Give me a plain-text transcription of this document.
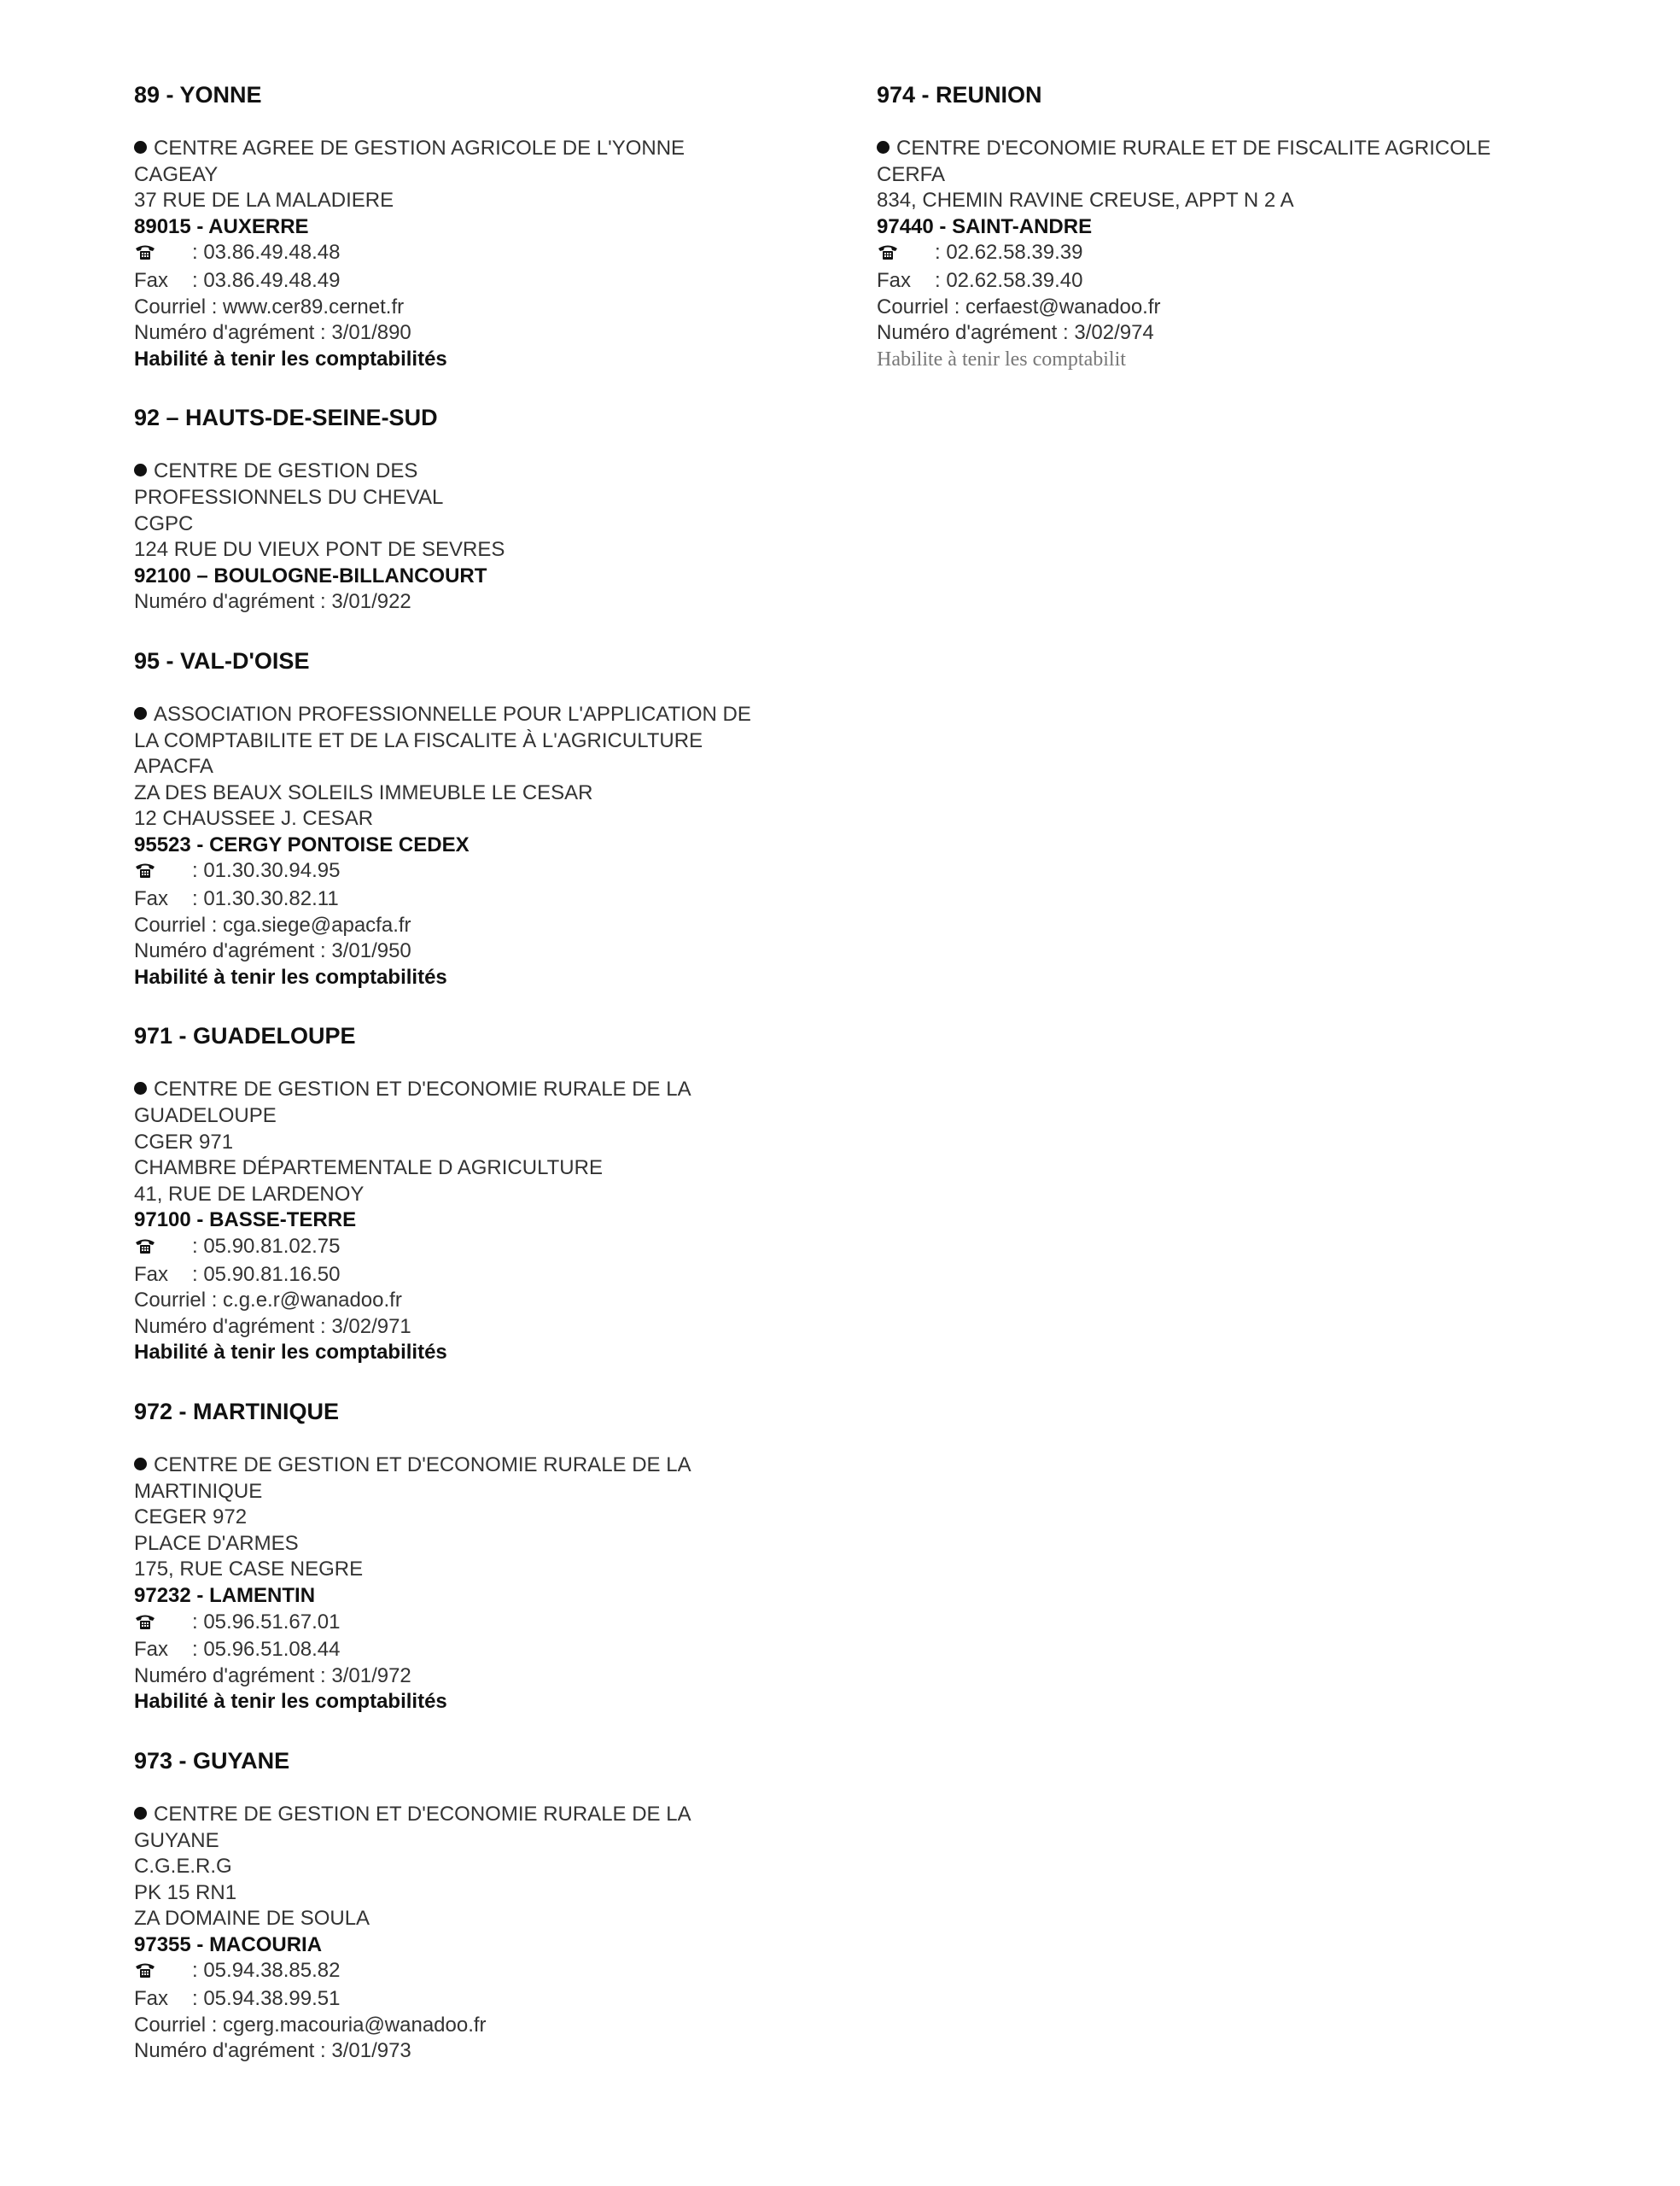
89 - YONNE
CENTRE AGREE DE GESTION AGRICOLE DE L'YONNE
CAGEAY
37 RUE DE LA MALADIERE
89015 - AUXERRE
: 03.86.49.48.48
Fax	: 03.86.49.48.49
Courriel : www.cer89.cernet.fr
Numéro d'agrément : 3/01/890
Habilité à tenir les comptabilités
92 – HAUTS-DE-SEINE-SUD
CENTRE DE GESTION DES
PROFESSIONNELS DU CHEVAL
CGPC
124 RUE DU VIEUX PONT DE SEVRES
92100 – BOULOGNE-BILLANCOURT
Numéro d'agrément : 3/01/922
95 - VAL-D'OISE
ASSOCIATION PROFESSIONNELLE POUR L'APPLICATION DE
LA COMPTABILITE ET DE LA FISCALITE À L'AGRICULTURE
APACFA
ZA DES BEAUX SOLEILS IMMEUBLE LE CESAR
12 CHAUSSEE J. CESAR
95523 - CERGY PONTOISE CEDEX
: 01.30.30.94.95
Fax	: 01.30.30.82.11
Courriel : cga.siege@apacfa.fr
Numéro d'agrément : 3/01/950
Habilité à tenir les comptabilités
971 - GUADELOUPE
CENTRE DE GESTION ET D'ECONOMIE RURALE DE LA
GUADELOUPE
CGER 971
CHAMBRE DÉPARTEMENTALE D AGRICULTURE
41, RUE DE LARDENOY
97100 - BASSE-TERRE
: 05.90.81.02.75
Fax	: 05.90.81.16.50
Courriel : c.g.e.r@wanadoo.fr
Numéro d'agrément : 3/02/971
Habilité à tenir les comptabilités
972 - MARTINIQUE
CENTRE DE GESTION ET D'ECONOMIE RURALE DE LA
MARTINIQUE
CEGER 972
PLACE D'ARMES
175, RUE CASE NEGRE
97232 - LAMENTIN
: 05.96.51.67.01
Fax	: 05.96.51.08.44
Numéro d'agrément : 3/01/972
Habilité à tenir les comptabilités
973 - GUYANE
CENTRE DE GESTION ET D'ECONOMIE RURALE DE LA
GUYANE
C.G.E.R.G
PK 15 RN1
ZA DOMAINE DE SOULA
97355 - MACOURIA
: 05.94.38.85.82
Fax	: 05.94.38.99.51
Courriel : cgerg.macouria@wanadoo.fr
Numéro d'agrément : 3/01/973
974 - REUNION
CENTRE D'ECONOMIE RURALE ET DE FISCALITE AGRICOLE
CERFA
834, CHEMIN RAVINE CREUSE, APPT N 2 A
97440 - SAINT-ANDRE
: 02.62.58.39.39
Fax	: 02.62.58.39.40
Courriel : cerfaest@wanadoo.fr
Numéro d'agrément : 3/02/974
Habilite à tenir les comptabilit
